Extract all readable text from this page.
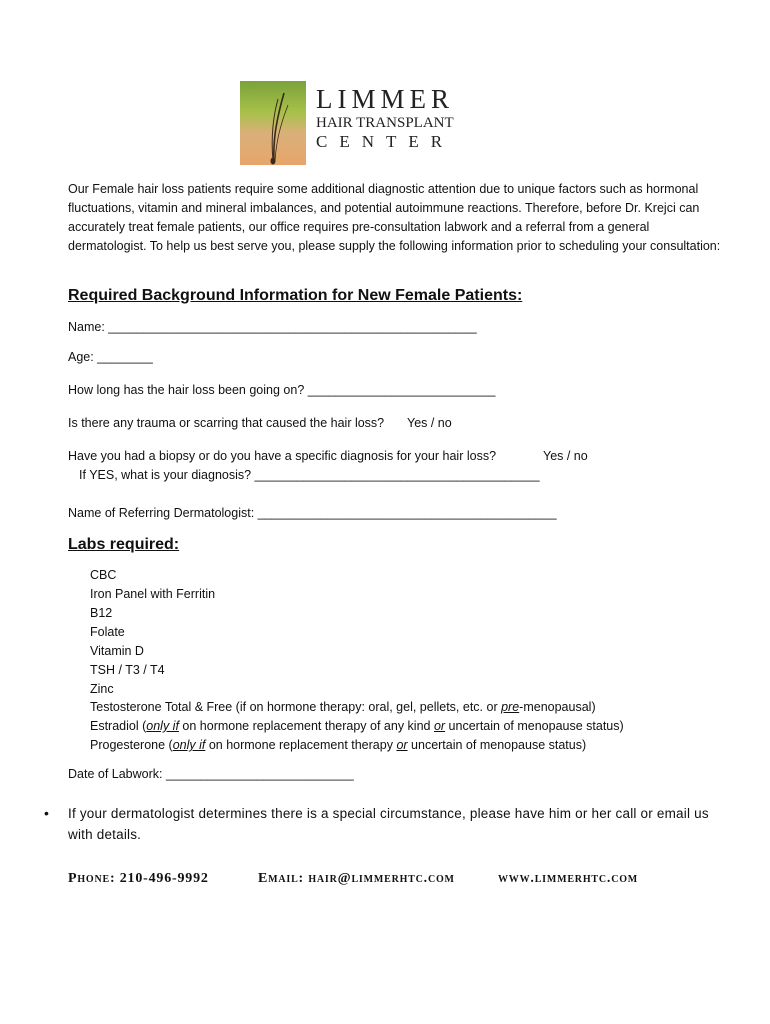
LIMMER
HAIR TRANSPLANT
CENTER
Our Female hair loss patients require some additional diagnostic attention due to unique factors such as hormonal fluctuations, vitamin and mineral imbalances, and potential autoimmune reactions. Therefore, before Dr. Krejci can accurately treat female patients, our office requires pre-consultation labwork and a referral from a general dermatologist. To help us best serve you, please supply the following information prior to scheduling your consultation:
Required Background Information for New Female Patients:
Name: _____________________________________________________
Age: ________
How long has the hair loss been going on? ___________________________
Is there any trauma or scarring that caused the hair loss? Yes / no
Have you had a biopsy or do you have a specific diagnosis for your hair loss?	Yes / no
If YES, what is your diagnosis? _________________________________________
Name of Referring Dermatologist: ___________________________________________
Labs required:
CBC
Iron Panel with Ferritin
B12
Folate
Vitamin D
TSH / T3 / T4
Zinc
Testosterone Total & Free (if on hormone therapy: oral, gel, pellets, etc. or pre-menopausal)
Estradiol (only if on hormone replacement therapy of any kind or uncertain of menopause status)
Progesterone (only if on hormone replacement therapy or uncertain of menopause status)
Date of Labwork: ___________________________
• If your dermatologist determines there is a special circumstance, please have him or her call or email us with details.
Phone: 210-496-9992	Email: hair@limmerhtc.com	www.limmerhtc.com
